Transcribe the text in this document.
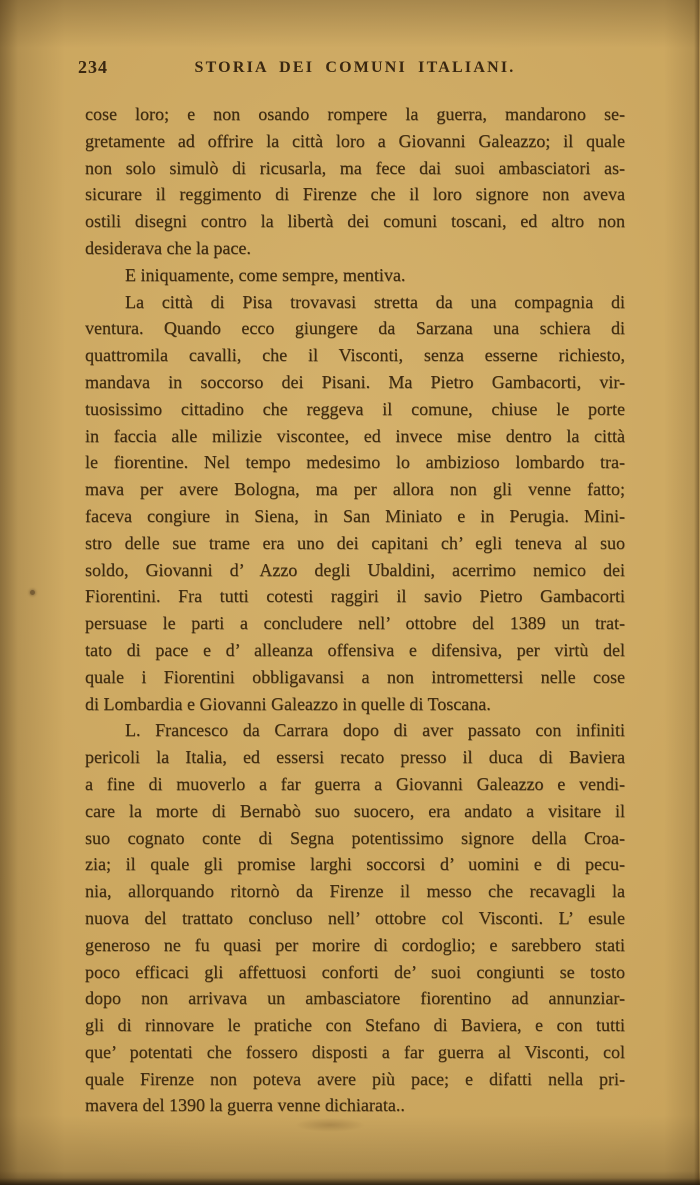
234	STORIA DEI COMUNI ITALIANI.
cose loro; e non osando rompere la guerra, mandarono se-
gretamente ad offrire la città loro a Giovanni Galeazzo; il quale
non solo simulò di ricusarla, ma fece dai suoi ambasciatori as-
sicurare il reggimento di Firenze che il loro signore non aveva
ostili disegni contro la libertà dei comuni toscani, ed altro non
desiderava che la pace.
E iniquamente, come sempre, mentiva.
La città di Pisa trovavasi stretta da una compagnia di
ventura. Quando ecco giungere da Sarzana una schiera di
quattromila cavalli, che il Visconti, senza esserne richiesto,
mandava in soccorso dei Pisani. Ma Pietro Gambacorti, vir-
tuosissimo cittadino che reggeva il comune, chiuse le porte
in faccia alle milizie viscontee, ed invece mise dentro la città
le fiorentine. Nel tempo medesimo lo ambizioso lombardo tra-
mava per avere Bologna, ma per allora non gli venne fatto;
faceva congiure in Siena, in San Miniato e in Perugia. Mini-
stro delle sue trame era uno dei capitani ch’ egli teneva al suo
soldo, Giovanni d’ Azzo degli Ubaldini, acerrimo nemico dei
Fiorentini. Fra tutti cotesti raggiri il savio Pietro Gambacorti
persuase le parti a concludere nell’ ottobre del 1389 un trat-
tato di pace e d’ alleanza offensiva e difensiva, per virtù del
quale i Fiorentini obbligavansi a non intromettersi nelle cose
di Lombardia e Giovanni Galeazzo in quelle di Toscana.
L. Francesco da Carrara dopo di aver passato con infiniti
pericoli la Italia, ed essersi recato presso il duca di Baviera
a fine di muoverlo a far guerra a Giovanni Galeazzo e vendi-
care la morte di Bernabò suo suocero, era andato a visitare il
suo cognato conte di Segna potentissimo signore della Croa-
zia; il quale gli promise larghi soccorsi d’ uomini e di pecu-
nia, allorquando ritornò da Firenze il messo che recavagli la
nuova del trattato concluso nell’ ottobre col Visconti. L’ esule
generoso ne fu quasi per morire di cordoglio; e sarebbero stati
poco efficaci gli affettuosi conforti de’ suoi congiunti se tosto
dopo non arrivava un ambasciatore fiorentino ad annunziar-
gli di rinnovare le pratiche con Stefano di Baviera, e con tutti
que’ potentati che fossero disposti a far guerra al Visconti, col
quale Firenze non poteva avere più pace; e difatti nella pri-
mavera del 1390 la guerra venne dichiarata..
